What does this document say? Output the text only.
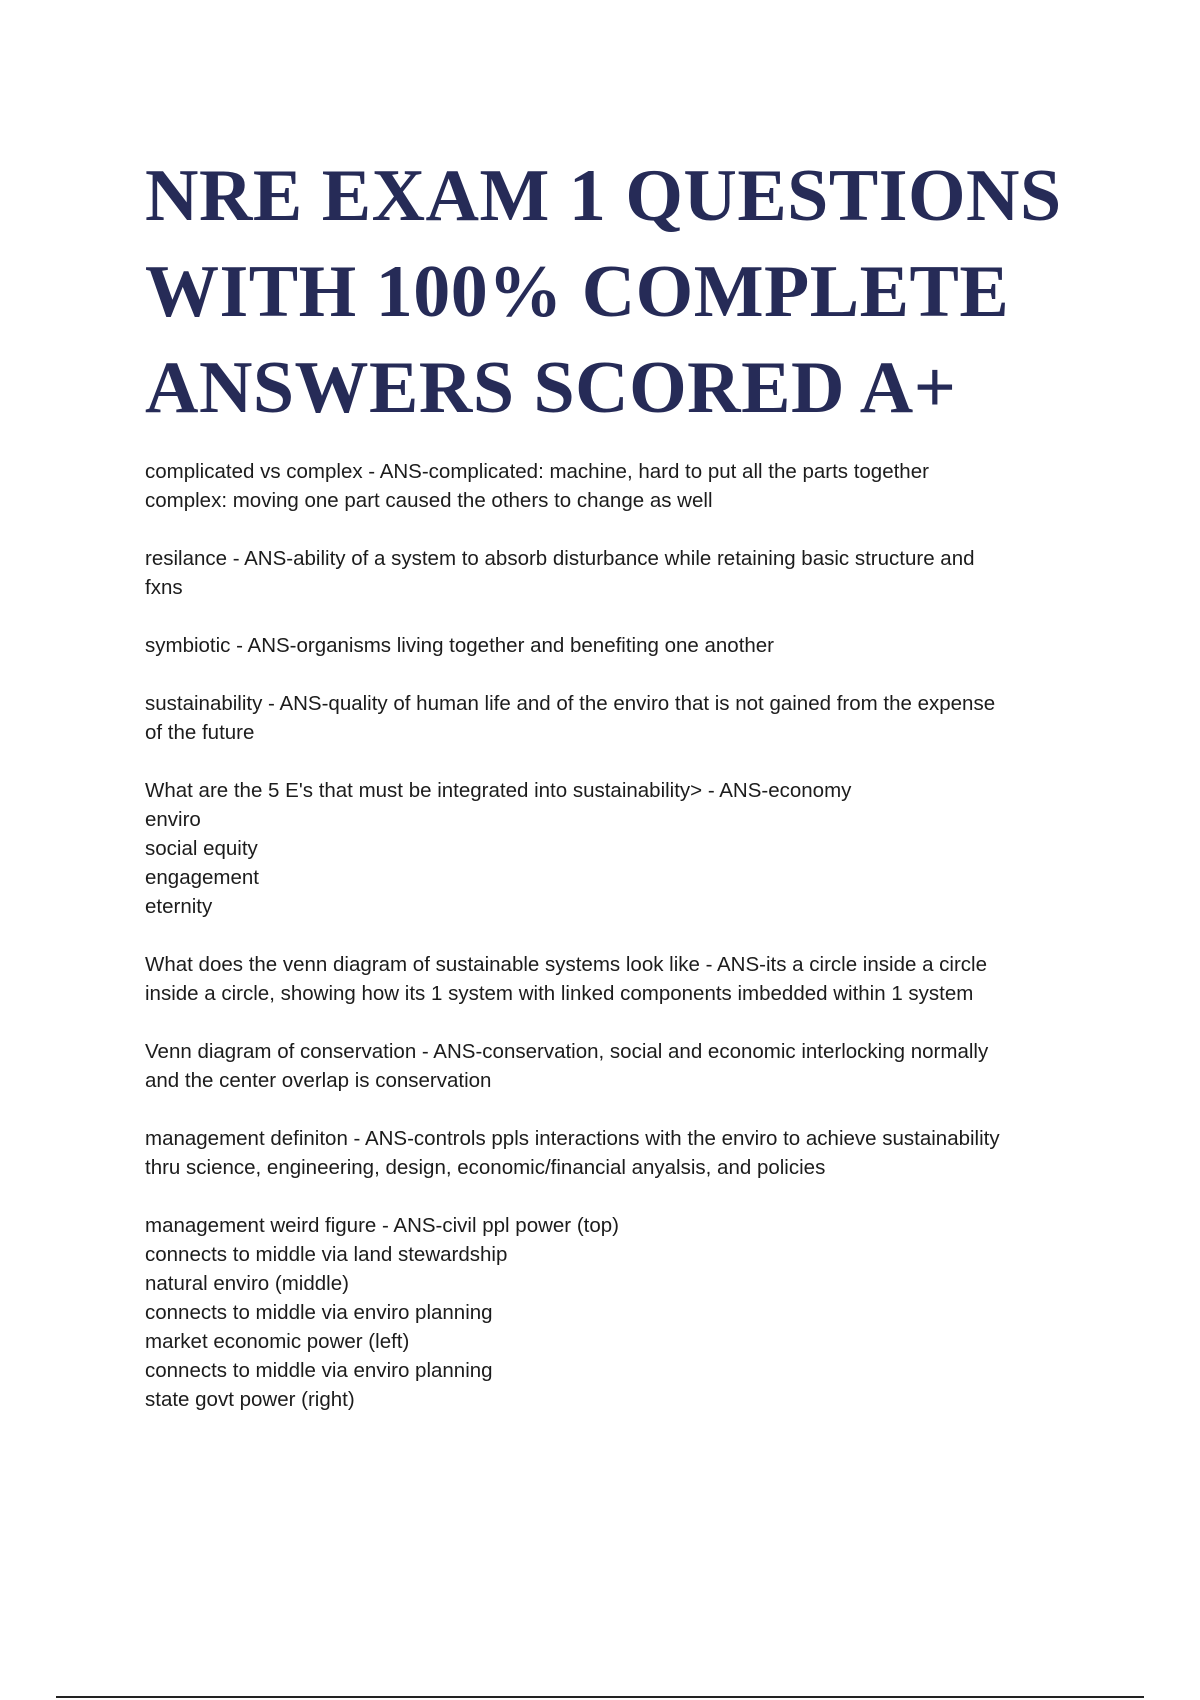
NRE EXAM 1 QUESTIONS
WITH 100% COMPLETE
ANSWERS SCORED A+
complicated vs complex - ANS-complicated: machine, hard to put all the parts together
complex: moving one part caused the others to change as well
resilance - ANS-ability of a system to absorb disturbance while retaining basic structure and
fxns
symbiotic - ANS-organisms living together and benefiting one another
sustainability - ANS-quality of human life and of the enviro that is not gained from the expense
of the future
What are the 5 E's that must be integrated into sustainability> - ANS-economy
enviro
social equity
engagement
eternity
What does the venn diagram of sustainable systems look like - ANS-its a circle inside a circle
inside a circle, showing how its 1 system with linked components imbedded within 1 system
Venn diagram of conservation - ANS-conservation, social and economic interlocking normally
and the center overlap is conservation
management definiton - ANS-controls ppls interactions with the enviro to achieve sustainability
thru science, engineering, design, economic/financial anyalsis, and policies
management weird figure - ANS-civil ppl power (top)
connects to middle via land stewardship
natural enviro (middle)
connects to middle via enviro planning
market economic power (left)
connects to middle via enviro planning
state govt power (right)
